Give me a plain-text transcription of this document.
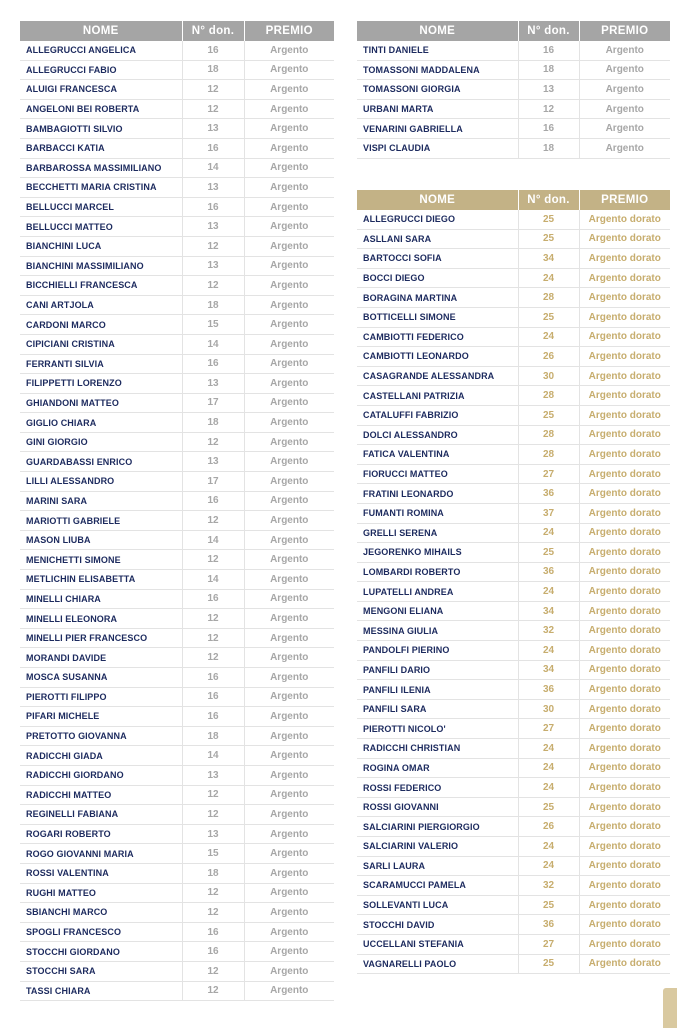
NOME	N° don.	PREMIO
ALLEGRUCCI ANGELICA	16	Argento
ALLEGRUCCI FABIO	18	Argento
ALUIGI FRANCESCA	12	Argento
ANGELONI BEI ROBERTA	12	Argento
BAMBAGIOTTI SILVIO	13	Argento
BARBACCI KATIA	16	Argento
BARBAROSSA MASSIMILIANO	14	Argento
BECCHETTI MARIA CRISTINA	13	Argento
BELLUCCI MARCEL	16	Argento
BELLUCCI MATTEO	13	Argento
BIANCHINI LUCA	12	Argento
BIANCHINI MASSIMILIANO	13	Argento
BICCHIELLI FRANCESCA	12	Argento
CANI ARTJOLA	18	Argento
CARDONI MARCO	15	Argento
CIPICIANI CRISTINA	14	Argento
FERRANTI SILVIA	16	Argento
FILIPPETTI LORENZO	13	Argento
GHIANDONI MATTEO	17	Argento
GIGLIO CHIARA	18	Argento
GINI GIORGIO	12	Argento
GUARDABASSI ENRICO	13	Argento
LILLI ALESSANDRO	17	Argento
MARINI SARA	16	Argento
MARIOTTI GABRIELE	12	Argento
MASON LIUBA	14	Argento
MENICHETTI SIMONE	12	Argento
METLICHIN ELISABETTA	14	Argento
MINELLI CHIARA	16	Argento
MINELLI ELEONORA	12	Argento
MINELLI PIER FRANCESCO	12	Argento
MORANDI DAVIDE	12	Argento
MOSCA SUSANNA	16	Argento
PIEROTTI FILIPPO	16	Argento
PIFARI MICHELE	16	Argento
PRETOTTO GIOVANNA	18	Argento
RADICCHI GIADA	14	Argento
RADICCHI GIORDANO	13	Argento
RADICCHI MATTEO	12	Argento
REGINELLI FABIANA	12	Argento
ROGARI ROBERTO	13	Argento
ROGO GIOVANNI MARIA	15	Argento
ROSSI VALENTINA	18	Argento
RUGHI MATTEO	12	Argento
SBIANCHI MARCO	12	Argento
SPOGLI FRANCESCO	16	Argento
STOCCHI GIORDANO	16	Argento
STOCCHI SARA	12	Argento
TASSI CHIARA	12	Argento
NOME	N° don.	PREMIO
TINTI DANIELE	16	Argento
TOMASSONI MADDALENA	18	Argento
TOMASSONI GIORGIA	13	Argento
URBANI MARTA	12	Argento
VENARINI GABRIELLA	16	Argento
VISPI CLAUDIA	18	Argento
NOME	N° don.	PREMIO
ALLEGRUCCI DIEGO	25	Argento dorato
ASLLANI SARA	25	Argento dorato
BARTOCCI SOFIA	34	Argento dorato
BOCCI DIEGO	24	Argento dorato
BORAGINA MARTINA	28	Argento dorato
BOTTICELLI SIMONE	25	Argento dorato
CAMBIOTTI FEDERICO	24	Argento dorato
CAMBIOTTI LEONARDO	26	Argento dorato
CASAGRANDE ALESSANDRA	30	Argento dorato
CASTELLANI PATRIZIA	28	Argento dorato
CATALUFFI FABRIZIO	25	Argento dorato
DOLCI ALESSANDRO	28	Argento dorato
FATICA VALENTINA	28	Argento dorato
FIORUCCI MATTEO	27	Argento dorato
FRATINI LEONARDO	36	Argento dorato
FUMANTI ROMINA	37	Argento dorato
GRELLI SERENA	24	Argento dorato
JEGORENKO MIHAILS	25	Argento dorato
LOMBARDI ROBERTO	36	Argento dorato
LUPATELLI ANDREA	24	Argento dorato
MENGONI ELIANA	34	Argento dorato
MESSINA GIULIA	32	Argento dorato
PANDOLFI PIERINO	24	Argento dorato
PANFILI DARIO	34	Argento dorato
PANFILI ILENIA	36	Argento dorato
PANFILI SARA	30	Argento dorato
PIEROTTI NICOLO'	27	Argento dorato
RADICCHI CHRISTIAN	24	Argento dorato
ROGINA OMAR	24	Argento dorato
ROSSI FEDERICO	24	Argento dorato
ROSSI GIOVANNI	25	Argento dorato
SALCIARINI PIERGIORGIO	26	Argento dorato
SALCIARINI VALERIO	24	Argento dorato
SARLI LAURA	24	Argento dorato
SCARAMUCCI PAMELA	32	Argento dorato
SOLLEVANTI LUCA	25	Argento dorato
STOCCHI DAVID	36	Argento dorato
UCCELLANI STEFANIA	27	Argento dorato
VAGNARELLI PAOLO	25	Argento dorato
